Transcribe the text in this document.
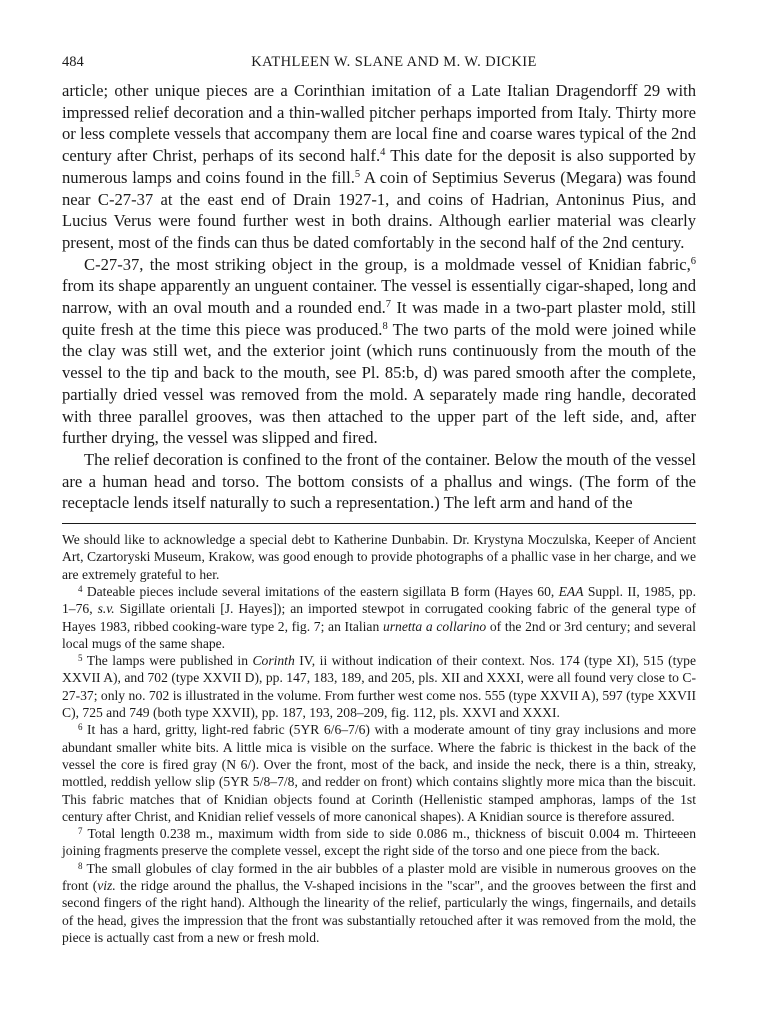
484	KATHLEEN W. SLANE AND M. W. DICKIE

article; other unique pieces are a Corinthian imitation of a Late Italian Dragendorff 29 with impressed relief decoration and a thin-walled pitcher perhaps imported from Italy. Thirty more or less complete vessels that accompany them are local fine and coarse wares typical of the 2nd century after Christ, perhaps of its second half.$^4$ This date for the deposit is also supported by numerous lamps and coins found in the fill.$^5$ A coin of Septimius Severus (Megara) was found near C-27-37 at the east end of Drain 1927-1, and coins of Hadrian, Antoninus Pius, and Lucius Verus were found further west in both drains. Although earlier material was clearly present, most of the finds can thus be dated comfortably in the second half of the 2nd century.

C-27-37, the most striking object in the group, is a moldmade vessel of Knidian fabric,$^6$ from its shape apparently an unguent container. The vessel is essentially cigar-shaped, long and narrow, with an oval mouth and a rounded end.$^7$ It was made in a two-part plaster mold, still quite fresh at the time this piece was produced.$^8$ The two parts of the mold were joined while the clay was still wet, and the exterior joint (which runs continuously from the mouth of the vessel to the tip and back to the mouth, see Pl. 85:b, d) was pared smooth after the complete, partially dried vessel was removed from the mold. A separately made ring handle, decorated with three parallel grooves, was then attached to the upper part of the left side, and, after further drying, the vessel was slipped and fired.

The relief decoration is confined to the front of the container. Below the mouth of the vessel are a human head and torso. The bottom consists of a phallus and wings. (The form of the receptacle lends itself naturally to such a representation.) The left arm and hand of the

We should like to acknowledge a special debt to Katherine Dunbabin. Dr. Krystyna Moczulska, Keeper of Ancient Art, Czartoryski Museum, Krakow, was good enough to provide photographs of a phallic vase in her charge, and we are extremely grateful to her.

$^4$ Dateable pieces include several imitations of the eastern sigillata B form (Hayes 60, EAA Suppl. II, 1985, pp. 1–76, s.v. Sigillate orientali [J. Hayes]); an imported stewpot in corrugated cooking fabric of the general type of Hayes 1983, ribbed cooking-ware type 2, fig. 7; an Italian urnetta a collarino of the 2nd or 3rd century; and several local mugs of the same shape.

$^5$ The lamps were published in Corinth IV, ii without indication of their context. Nos. 174 (type XI), 515 (type XXVII A), and 702 (type XXVII D), pp. 147, 183, 189, and 205, pls. XII and XXXI, were all found very close to C-27-37; only no. 702 is illustrated in the volume. From further west come nos. 555 (type XXVII A), 597 (type XXVII C), 725 and 749 (both type XXVII), pp. 187, 193, 208–209, fig. 112, pls. XXVI and XXXI.

$^6$ It has a hard, gritty, light-red fabric (5YR 6/6–7/6) with a moderate amount of tiny gray inclusions and more abundant smaller white bits. A little mica is visible on the surface. Where the fabric is thickest in the back of the vessel the core is fired gray (N 6/). Over the front, most of the back, and inside the neck, there is a thin, streaky, mottled, reddish yellow slip (5YR 5/8–7/8, and redder on front) which contains slightly more mica than the biscuit. This fabric matches that of Knidian objects found at Corinth (Hellenistic stamped amphoras, lamps of the 1st century after Christ, and Knidian relief vessels of more canonical shapes). A Knidian source is therefore assured.

$^7$ Total length 0.238 m., maximum width from side to side 0.086 m., thickness of biscuit 0.004 m. Thirteeen joining fragments preserve the complete vessel, except the right side of the torso and one piece from the back.

$^8$ The small globules of clay formed in the air bubbles of a plaster mold are visible in numerous grooves on the front (viz. the ridge around the phallus, the V-shaped incisions in the "scar", and the grooves between the first and second fingers of the right hand). Although the linearity of the relief, particularly the wings, fingernails, and details of the head, gives the impression that the front was substantially retouched after it was removed from the mold, the piece is actually cast from a new or fresh mold.
